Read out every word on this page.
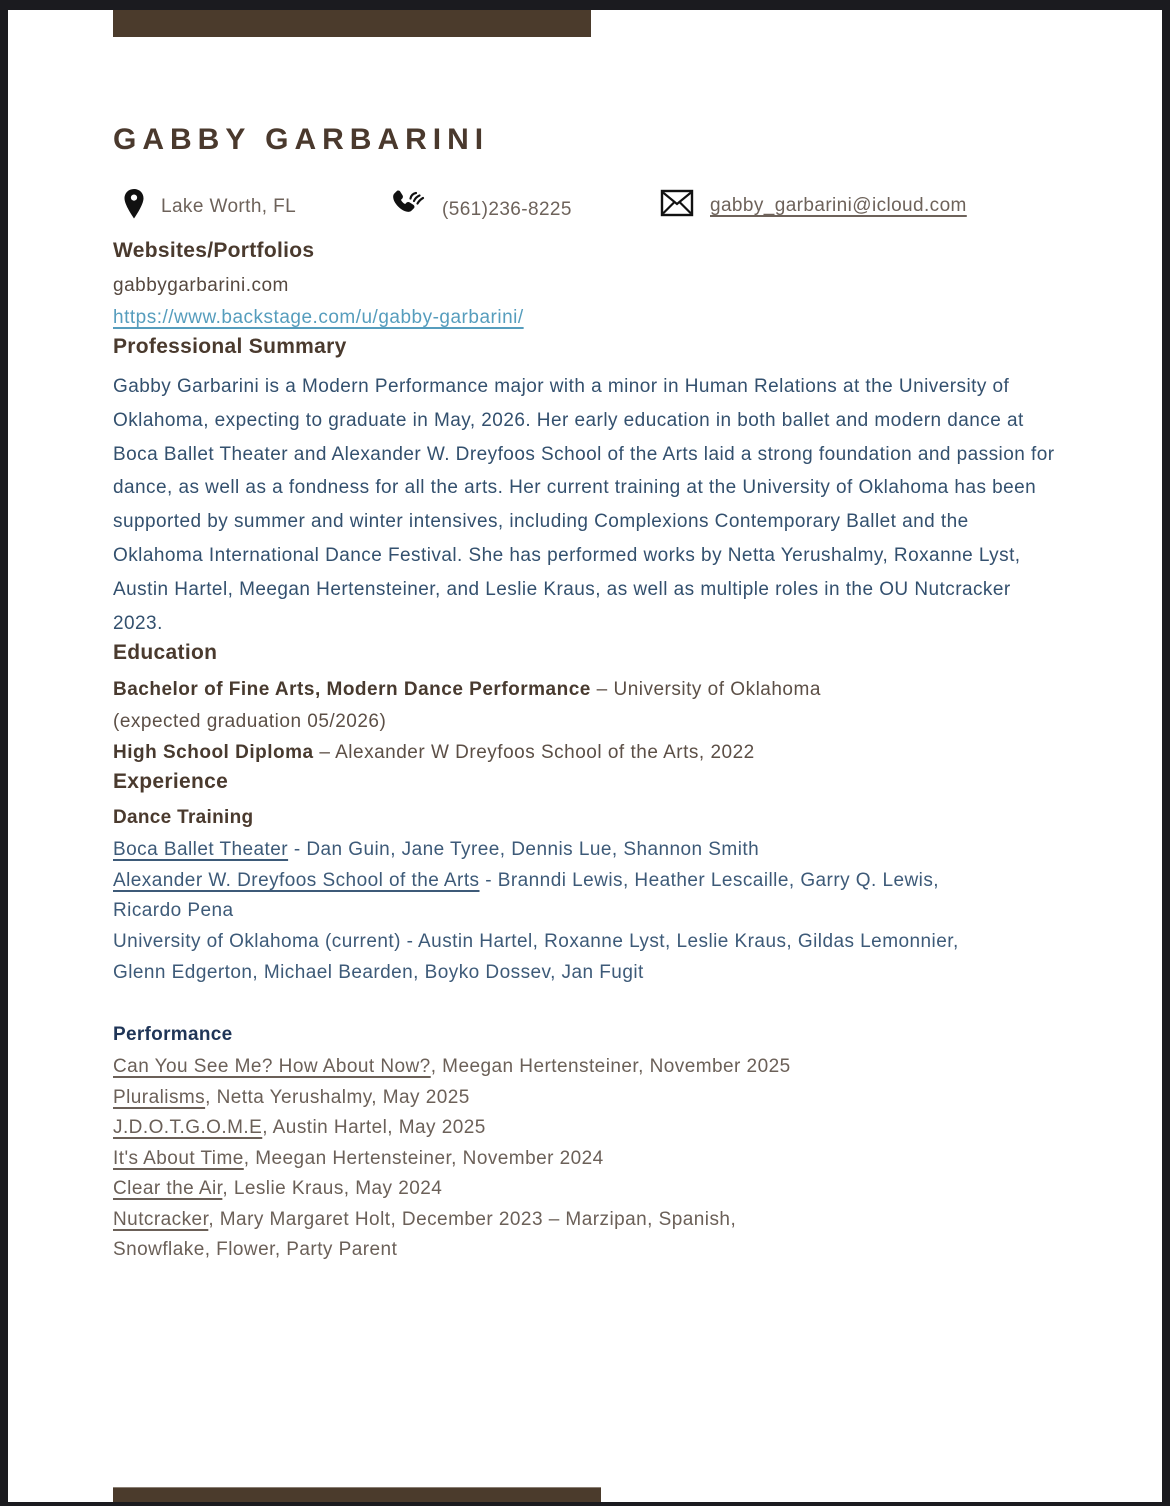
GABBY GARBARINI
Lake Worth, FL	(561)236-8225	gabby_garbarini@icloud.com
Websites/Portfolios
gabbygarbarini.com
https://www.backstage.com/u/gabby-garbarini/
Professional Summary
Gabby Garbarini is a Modern Performance major with a minor in Human Relations at the University of Oklahoma, expecting to graduate in May, 2026. Her early education in both ballet and modern dance at Boca Ballet Theater and Alexander W. Dreyfoos School of the Arts laid a strong foundation and passion for dance, as well as a fondness for all the arts. Her current training at the University of Oklahoma has been supported by summer and winter intensives, including Complexions Contemporary Ballet and the Oklahoma International Dance Festival. She has performed works by Netta Yerushalmy, Roxanne Lyst, Austin Hartel, Meegan Hertensteiner, and Leslie Kraus, as well as multiple roles in the OU Nutcracker 2023.
Education
Bachelor of Fine Arts, Modern Dance Performance – University of Oklahoma
(expected graduation 05/2026)
High School Diploma – Alexander W Dreyfoos School of the Arts, 2022
Experience
Dance Training
Boca Ballet Theater - Dan Guin, Jane Tyree, Dennis Lue, Shannon Smith
Alexander W. Dreyfoos School of the Arts - Branndi Lewis, Heather Lescaille, Garry Q. Lewis,
Ricardo Pena
University of Oklahoma (current) - Austin Hartel, Roxanne Lyst, Leslie Kraus, Gildas Lemonnier,
Glenn Edgerton, Michael Bearden, Boyko Dossev, Jan Fugit
Performance
Can You See Me? How About Now?, Meegan Hertensteiner, November 2025
Pluralisms, Netta Yerushalmy, May 2025
J.D.O.T.G.O.M.E, Austin Hartel, May 2025
It's About Time, Meegan Hertensteiner, November 2024
Clear the Air, Leslie Kraus, May 2024
Nutcracker, Mary Margaret Holt, December 2023 – Marzipan, Spanish,
Snowflake, Flower, Party Parent
